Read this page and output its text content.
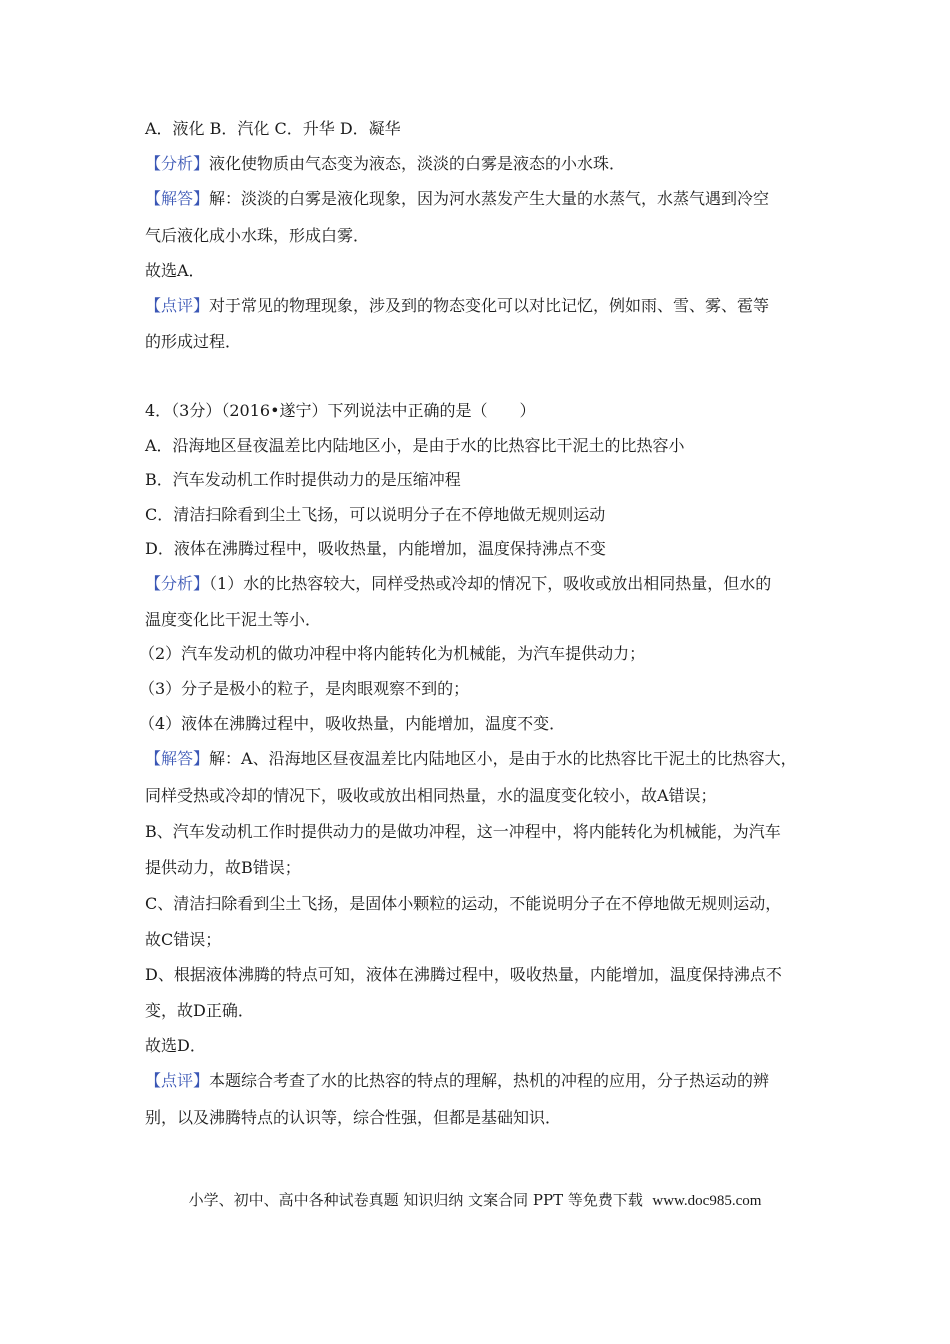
A．液化 B．汽化 C．升华 D．凝华
【分析】液化使物质由气态变为液态，淡淡的白雾是液态的小水珠．
【解答】解：淡淡的白雾是液化现象，因为河水蒸发产生大量的水蒸气，水蒸气遇到冷空
气后液化成小水珠，形成白雾．
故选A．
【点评】对于常见的物理现象，涉及到的物态变化可以对比记忆，例如雨、雪、雾、雹等
的形成过程．
4．（3分）（2016•遂宁）下列说法中正确的是（　　）
A．沿海地区昼夜温差比内陆地区小，是由于水的比热容比干泥土的比热容小
B．汽车发动机工作时提供动力的是压缩冲程
C．清洁扫除看到尘土飞扬，可以说明分子在不停地做无规则运动
D．液体在沸腾过程中，吸收热量，内能增加，温度保持沸点不变
【分析】（1）水的比热容较大，同样受热或冷却的情况下，吸收或放出相同热量，但水的
温度变化比干泥土等小．
（2）汽车发动机的做功冲程中将内能转化为机械能，为汽车提供动力；
（3）分子是极小的粒子，是肉眼观察不到的；
（4）液体在沸腾过程中，吸收热量，内能增加，温度不变．
【解答】解：A、沿海地区昼夜温差比内陆地区小，是由于水的比热容比干泥土的比热容大，
同样受热或冷却的情况下，吸收或放出相同热量，水的温度变化较小，故A错误；
B、汽车发动机工作时提供动力的是做功冲程，这一冲程中，将内能转化为机械能，为汽车
提供动力，故B错误；
C、清洁扫除看到尘土飞扬，是固体小颗粒的运动，不能说明分子在不停地做无规则运动，
故C错误；
D、根据液体沸腾的特点可知，液体在沸腾过程中，吸收热量，内能增加，温度保持沸点不
变，故D正确．
故选D．
【点评】本题综合考查了水的比热容的特点的理解，热机的冲程的应用，分子热运动的辨
别，以及沸腾特点的认识等，综合性强，但都是基础知识．
小学、初中、高中各种试卷真题 知识归纳 文案合同 PPT 等免费下载 www.doc985.com
